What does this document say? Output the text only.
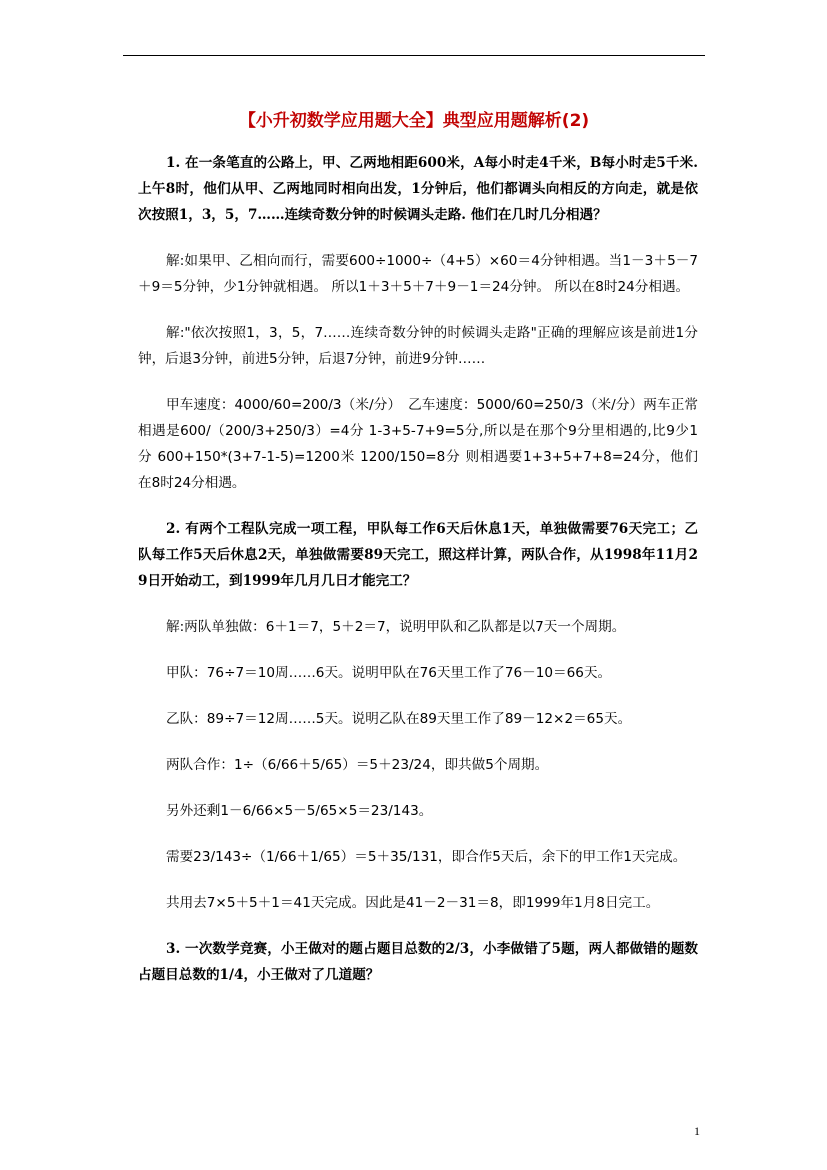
【小升初数学应用题大全】典型应用题解析(2)

1. 在一条笔直的公路上，甲、乙两地相距600米，A每小时走4千米，B每小时走5千米. 上午8时，他们从甲、乙两地同时相向出发，1分钟后，他们都调头向相反的方向走，就是依次按照1，3，5，7……连续奇数分钟的时候调头走路. 他们在几时几分相遇？

解:如果甲、乙相向而行，需要600÷1000÷（4+5）×60＝4分钟相遇。当1－3＋5－7＋9＝5分钟，少1分钟就相遇。 所以1＋3＋5＋7＋9－1＝24分钟。 所以在8时24分相遇。

解:"依次按照1，3，5，7……连续奇数分钟的时候调头走路"正确的理解应该是前进1分钟，后退3分钟，前进5分钟，后退7分钟，前进9分钟……

甲车速度：4000/60=200/3（米/分）　乙车速度：5000/60=250/3（米/分）两车正常相遇是600/（200/3+250/3）=4分 1-3+5-7+9=5分,所以是在那个9分里相遇的,比9少1分 600+150*(3+7-1-5)=1200米 1200/150=8分 则相遇要1+3+5+7+8=24分，他们在8时24分相遇。

2. 有两个工程队完成一项工程，甲队每工作6天后休息1天，单独做需要76天完工；乙队每工作5天后休息2天，单独做需要89天完工，照这样计算，两队合作，从1998年11月29日开始动工，到1999年几月几日才能完工？

解:两队单独做：6＋1＝7，5＋2＝7，说明甲队和乙队都是以7天一个周期。

甲队：76÷7＝10周……6天。说明甲队在76天里工作了76－10＝66天。

乙队：89÷7＝12周……5天。说明乙队在89天里工作了89－12×2＝65天。

两队合作：1÷（6/66＋5/65）＝5＋23/24，即共做5个周期。

另外还剩1－6/66×5－5/65×5＝23/143。

需要23/143÷（1/66＋1/65）＝5＋35/131，即合作5天后，余下的甲工作1天完成。

共用去7×5＋5＋1＝41天完成。因此是41－2－31＝8，即1999年1月8日完工。

3. 一次数学竞赛，小王做对的题占题目总数的2/3，小李做错了5题，两人都做错的题数占题目总数的1/4，小王做对了几道题？

1
